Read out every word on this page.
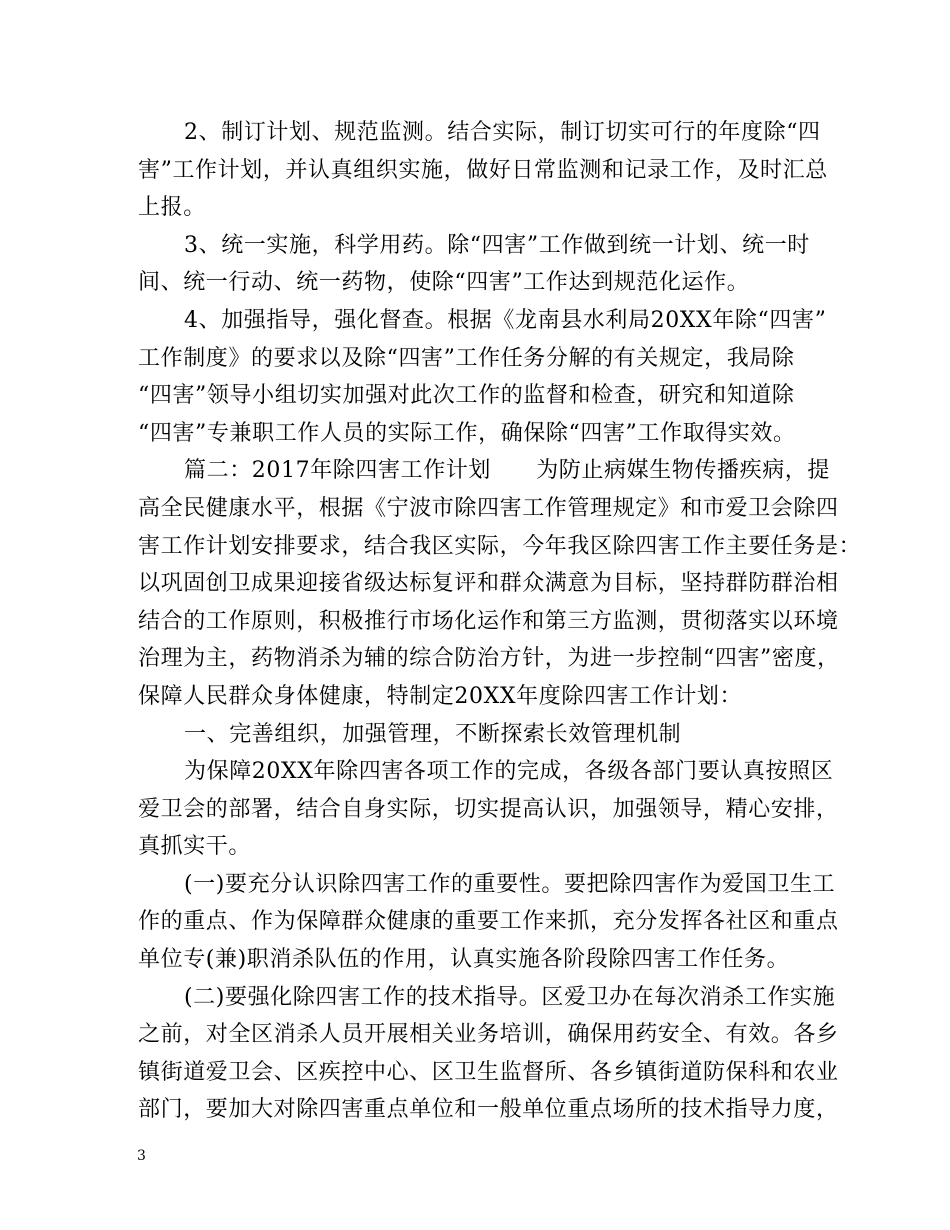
2、制订计划、规范监测。结合实际，制订切实可行的年度除“四
害”工作计划，并认真组织实施，做好日常监测和记录工作，及时汇总
上报。

3、统一实施，科学用药。除“四害”工作做到统一计划、统一时
间、统一行动、统一药物，使除“四害”工作达到规范化运作。

4、加强指导，强化督查。根据《龙南县水利局20XX年除“四害”
工作制度》的要求以及除“四害”工作任务分解的有关规定，我局除
“四害”领导小组切实加强对此次工作的监督和检查，研究和知道除
“四害”专兼职工作人员的实际工作，确保除“四害”工作取得实效。

篇二：2017年除四害工作计划　　为防止病媒生物传播疾病，提
高全民健康水平，根据《宁波市除四害工作管理规定》和市爱卫会除四
害工作计划安排要求，结合我区实际，今年我区除四害工作主要任务是：
以巩固创卫成果迎接省级达标复评和群众满意为目标，坚持群防群治相
结合的工作原则，积极推行市场化运作和第三方监测，贯彻落实以环境
治理为主，药物消杀为辅的综合防治方针，为进一步控制“四害”密度，
保障人民群众身体健康，特制定20XX年度除四害工作计划：

一、完善组织，加强管理，不断探索长效管理机制

为保障20XX年除四害各项工作的完成，各级各部门要认真按照区
爱卫会的部署，结合自身实际，切实提高认识，加强领导，精心安排，
真抓实干。

(一)要充分认识除四害工作的重要性。要把除四害作为爱国卫生工
作的重点、作为保障群众健康的重要工作来抓，充分发挥各社区和重点
单位专(兼)职消杀队伍的作用，认真实施各阶段除四害工作任务。

(二)要强化除四害工作的技术指导。区爱卫办在每次消杀工作实施
之前，对全区消杀人员开展相关业务培训，确保用药安全、有效。各乡
镇街道爱卫会、区疾控中心、区卫生监督所、各乡镇街道防保科和农业
部门，要加大对除四害重点单位和一般单位重点场所的技术指导力度，

3
